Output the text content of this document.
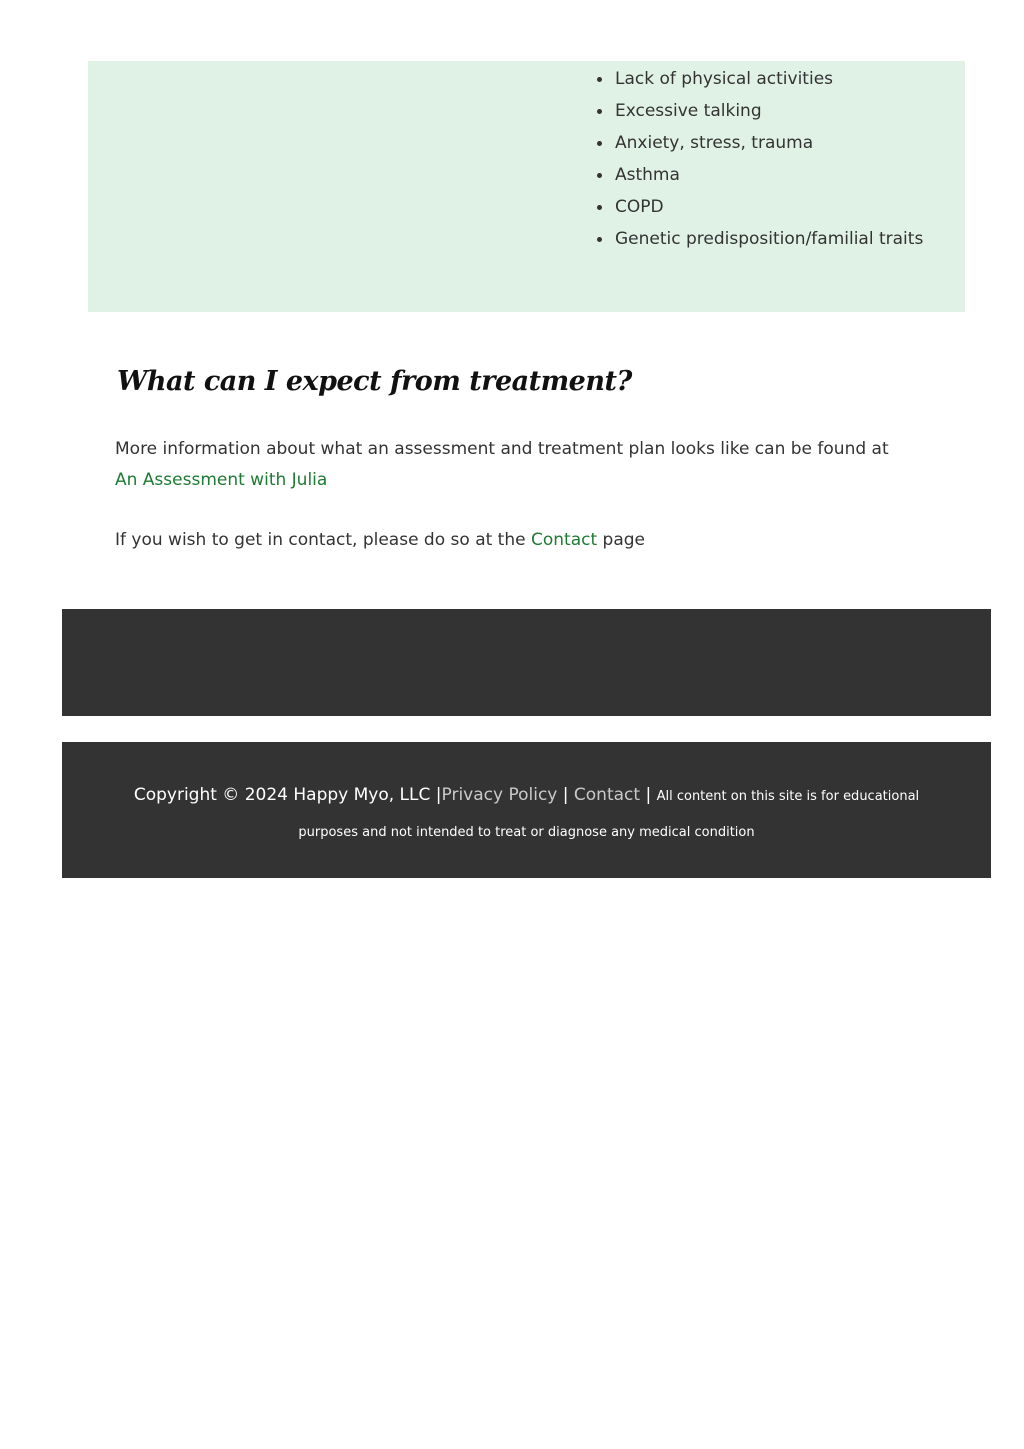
Lack of physical activities
Excessive talking
Anxiety, stress, trauma
Asthma
COPD
Genetic predisposition/familial traits
What can I expect from treatment?

More information about what an assessment and treatment plan looks like can be found at
An Assessment with Julia

If you wish to get in contact, please do so at the Contact page

Copyright © 2024 Happy Myo, LLC |Privacy Policy | Contact | All content on this site is for educational purposes and not intended to treat or diagnose any medical condition
